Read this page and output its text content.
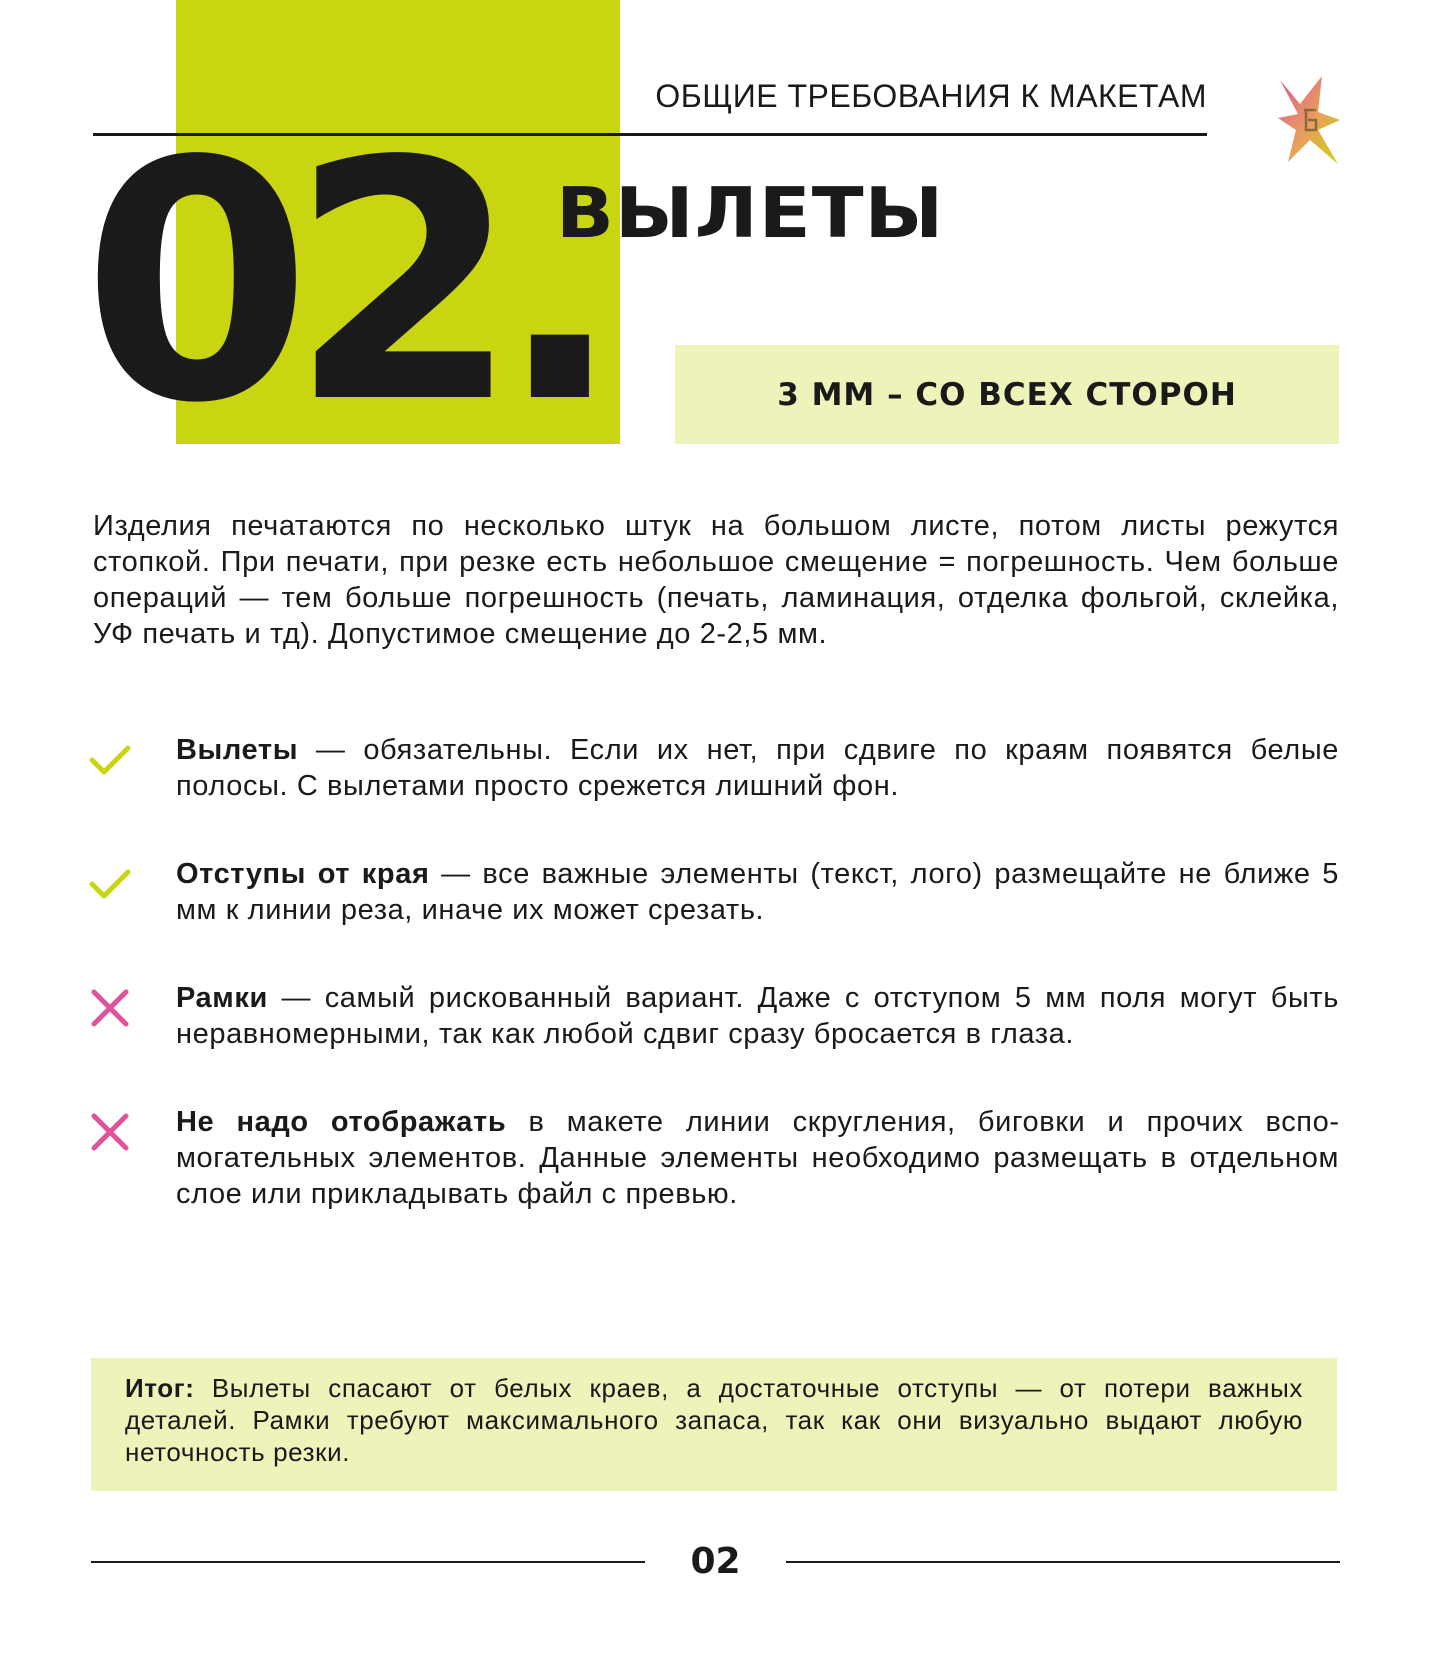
ОБЩИЕ ТРЕБОВАНИЯ К МАКЕТАМ
02.
ВЫЛЕТЫ
3 ММ – СО ВСЕХ СТОРОН
Изделия печатаются по несколько штук на большом листе, потом листы режутся стопкой. При печати, при резке есть небольшое смещение = погрешность. Чем больше операций — тем больше погрешность (печать, ламинация, отделка фольгой, склейка, УФ печать и тд). Допустимое смещение до 2-2,5 мм.
Вылеты — обязательны. Если их нет, при сдвиге по краям появятся белые полосы. С вылетами просто срежется лишний фон.
Отступы от края — все важные элементы (текст, лого) размещайте не ближе 5 мм к линии реза, иначе их может срезать.
Рамки — самый рискованный вариант. Даже с отступом 5 мм поля могут быть неравномерными, так как любой сдвиг сразу бросается в глаза.
Не надо отображать в макете линии скругления, биговки и прочих вспомогательных элементов. Данные элементы необходимо размещать в отдельном слое или прикладывать файл с превью.
Итог: Вылеты спасают от белых краев, а достаточные отступы — от потери важных деталей. Рамки требуют максимального запаса, так как они визуально выдают любую неточность резки.
02
